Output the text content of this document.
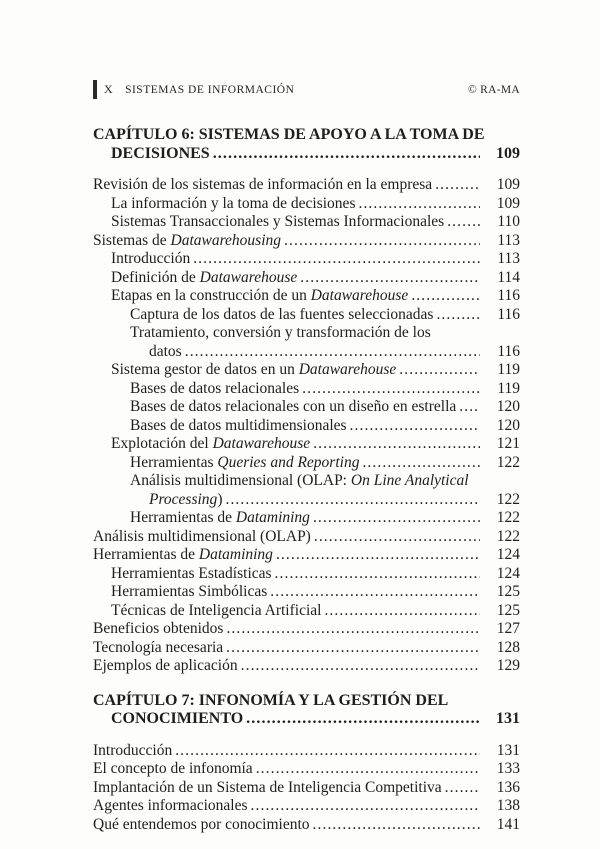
X SISTEMAS DE INFORMACIÓN	© RA-MA
CAPÍTULO 6: SISTEMAS DE APOYO A LA TOMA DE
DECISIONES .....	109
Revisión de los sistemas de información en la empresa .....	109
La información y la toma de decisiones .....	109
Sistemas Transaccionales y Sistemas Informacionales .....	110
Sistemas de Datawarehousing .....	113
Introducción .....	113
Definición de Datawarehouse .....	114
Etapas en la construcción de un Datawarehouse .....	116
Captura de los datos de las fuentes seleccionadas .....	116
Tratamiento, conversión y transformación de los
datos .....	116
Sistema gestor de datos en un Datawarehouse .....	119
Bases de datos relacionales .....	119
Bases de datos relacionales con un diseño en estrella .....	120
Bases de datos multidimensionales .....	120
Explotación del Datawarehouse .....	121
Herramientas Queries and Reporting .....	122
Análisis multidimensional (OLAP: On Line Analytical
Processing) .....	122
Herramientas de Datamining .....	122
Análisis multidimensional (OLAP) .....	122
Herramientas de Datamining .....	124
Herramientas Estadísticas .....	124
Herramientas Simbólicas .....	125
Técnicas de Inteligencia Artificial .....	125
Beneficios obtenidos .....	127
Tecnología necesaria .....	128
Ejemplos de aplicación .....	129
CAPÍTULO 7: INFONOMÍA Y LA GESTIÓN DEL
CONOCIMIENTO .....	131
Introducción .....	131
El concepto de infonomía .....	133
Implantación de un Sistema de Inteligencia Competitiva .....	136
Agentes informacionales .....	138
Qué entendemos por conocimiento .....	141
